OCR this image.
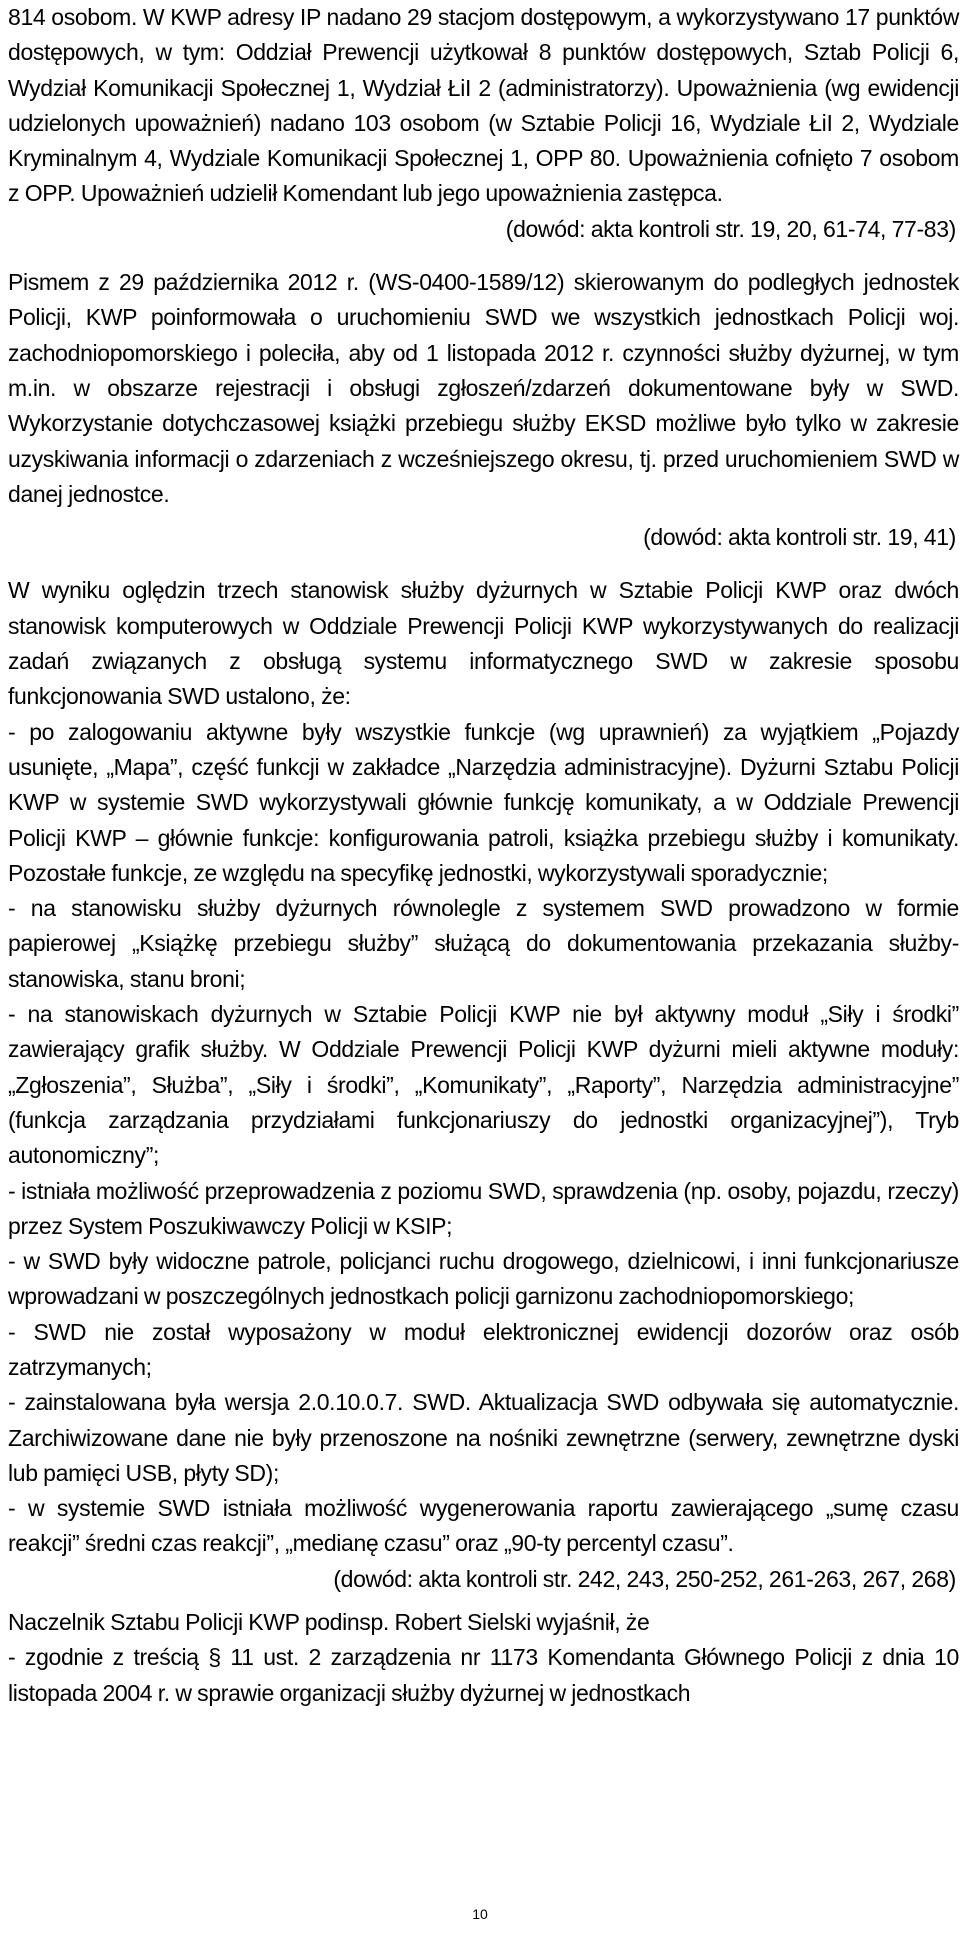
814 osobom. W KWP adresy IP nadano 29 stacjom dostępowym, a wykorzystywano 17 punktów dostępowych, w tym: Oddział Prewencji użytkował 8 punktów dostępowych, Sztab Policji 6, Wydział Komunikacji Społecznej 1, Wydział ŁiI 2 (administratorzy). Upoważnienia (wg ewidencji udzielonych upoważnień) nadano 103 osobom (w Sztabie Policji 16, Wydziale ŁiI 2, Wydziale Kryminalnym 4, Wydziale Komunikacji Społecznej 1, OPP 80. Upoważnienia cofnięto 7 osobom z OPP. Upoważnień udzielił Komendant lub jego upoważnienia zastępca.

(dowód: akta kontroli str. 19, 20, 61-74, 77-83)

Pismem z 29 października 2012 r. (WS-0400-1589/12) skierowanym do podległych jednostek Policji, KWP poinformowała o uruchomieniu SWD we wszystkich jednostkach Policji woj. zachodniopomorskiego i poleciła, aby od 1 listopada 2012 r. czynności służby dyżurnej, w tym m.in. w obszarze rejestracji i obsługi zgłoszeń/zdarzeń dokumentowane były w SWD. Wykorzystanie dotychczasowej książki przebiegu służby EKSD możliwe było tylko w zakresie uzyskiwania informacji o zdarzeniach z wcześniejszego okresu, tj. przed uruchomieniem SWD w danej jednostce.

(dowód: akta kontroli str. 19, 41)

W wyniku oględzin trzech stanowisk służby dyżurnych w Sztabie Policji KWP oraz dwóch stanowisk komputerowych w Oddziale Prewencji Policji KWP wykorzystywanych do realizacji zadań związanych z obsługą systemu informatycznego SWD w zakresie sposobu funkcjonowania SWD ustalono, że:

- po zalogowaniu aktywne były wszystkie funkcje (wg uprawnień) za wyjątkiem „Pojazdy usunięte, „Mapa”, część funkcji w zakładce „Narzędzia administracyjne). Dyżurni Sztabu Policji KWP w systemie SWD wykorzystywali głównie funkcję komunikaty, a w Oddziale Prewencji Policji KWP – głównie funkcje: konfigurowania patroli, książka przebiegu służby i komunikaty. Pozostałe funkcje, ze względu na specyfikę jednostki, wykorzystywali sporadycznie;

- na stanowisku służby dyżurnych równolegle z systemem SWD prowadzono w formie papierowej „Książkę przebiegu służby” służącą do dokumentowania przekazania służby-stanowiska, stanu broni;

- na stanowiskach dyżurnych w Sztabie Policji KWP nie był aktywny moduł „Siły i środki” zawierający grafik służby. W Oddziale Prewencji Policji KWP dyżurni mieli aktywne moduły: „Zgłoszenia”, Służba”, „Siły i środki”, „Komunikaty”, „Raporty”, Narzędzia administracyjne” (funkcja zarządzania przydziałami funkcjonariuszy do jednostki organizacyjnej”), Tryb autonomiczny”;

- istniała możliwość przeprowadzenia z poziomu SWD, sprawdzenia (np. osoby, pojazdu, rzeczy) przez System Poszukiwawczy Policji w KSIP;

- w SWD były widoczne patrole, policjanci ruchu drogowego, dzielnicowi, i inni funkcjonariusze wprowadzani w poszczególnych jednostkach policji garnizonu zachodniopomorskiego;

- SWD nie został wyposażony w moduł elektronicznej ewidencji dozorów oraz osób zatrzymanych;

- zainstalowana była wersja 2.0.10.0.7. SWD. Aktualizacja SWD odbywała się automatycznie. Zarchiwizowane dane nie były przenoszone na nośniki zewnętrzne (serwery, zewnętrzne dyski lub pamięci USB, płyty SD);

- w systemie SWD istniała możliwość wygenerowania raportu zawierającego „sumę czasu reakcji” średni czas reakcji”, „medianę czasu” oraz „90-ty percentyl czasu”.

(dowód: akta kontroli str. 242, 243, 250-252, 261-263, 267, 268)

Naczelnik Sztabu Policji KWP podinsp. Robert Sielski wyjaśnił, że

- zgodnie z treścią § 11 ust. 2 zarządzenia nr 1173 Komendanta Głównego Policji z dnia 10 listopada 2004 r. w sprawie organizacji służby dyżurnej w jednostkach

10
